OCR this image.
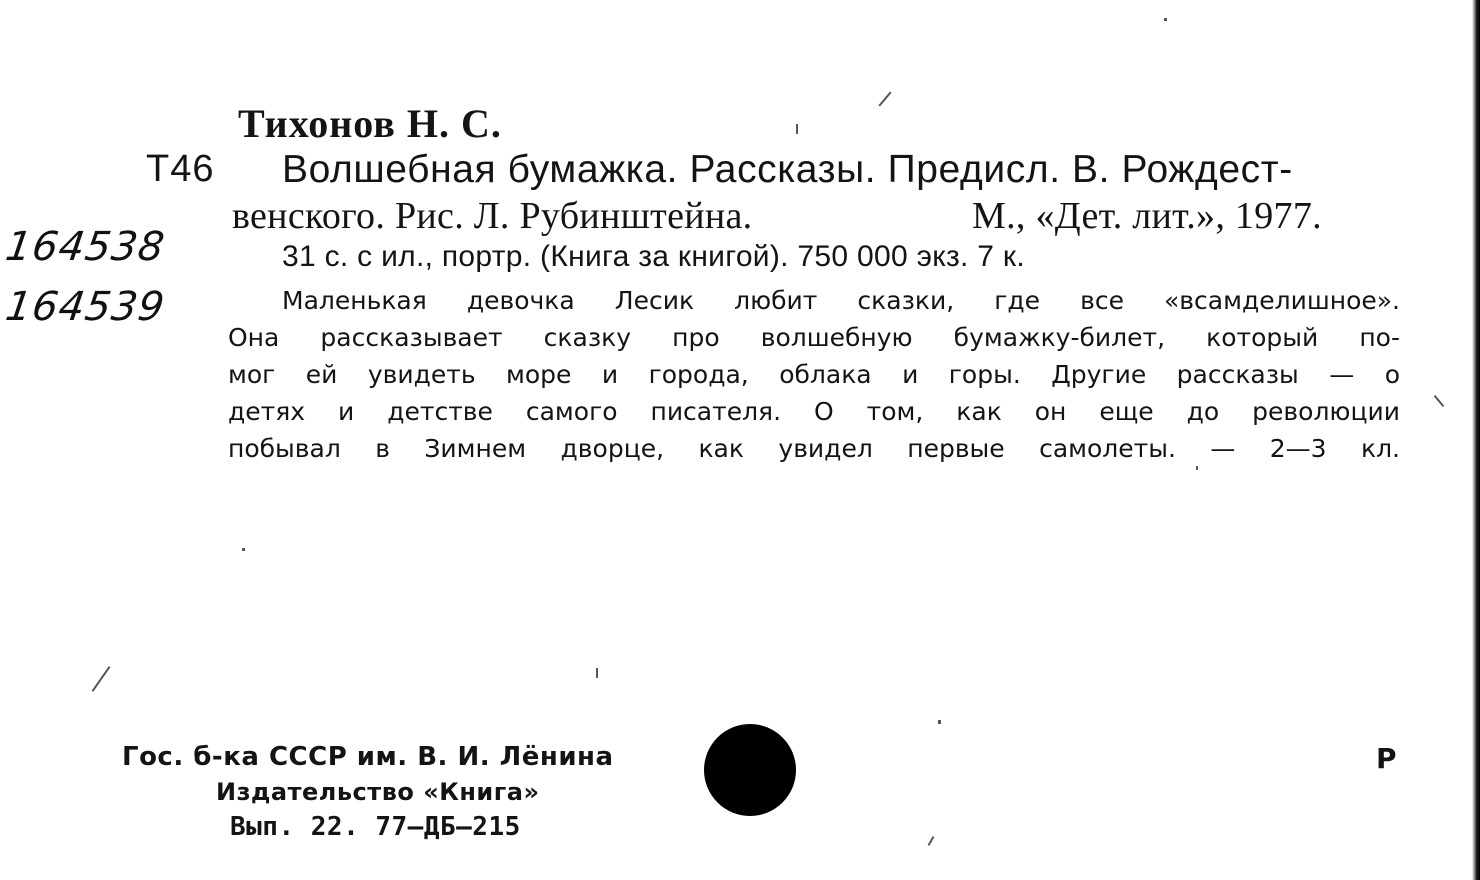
Тихонов Н. С.
Т46 Волшебная бумажка. Рассказы. Предисл. В. Рождест-
венского. Рис. Л. Рубинштейна.	М., «Дет. лит.», 1977.
31 с. с ил., портр. (Книга за книгой). 750 000 экз. 7 к.
Маленькая девочка Лесик любит сказки, где все «всамделишное».
Она рассказывает сказку про волшебную бумажку-билет, который по-
мог ей увидеть море и города, облака и горы. Другие рассказы — о
детях и детстве самого писателя. О том, как он еще до революции
побывал в Зимнем дворце, как увидел первые самолеты. — 2—3 кл.
164538
164539
Гос. б-ка СССР им. В. И. Лёнина
Издательство «Книга»
Вып. 22. 77—ДБ—215
Р
